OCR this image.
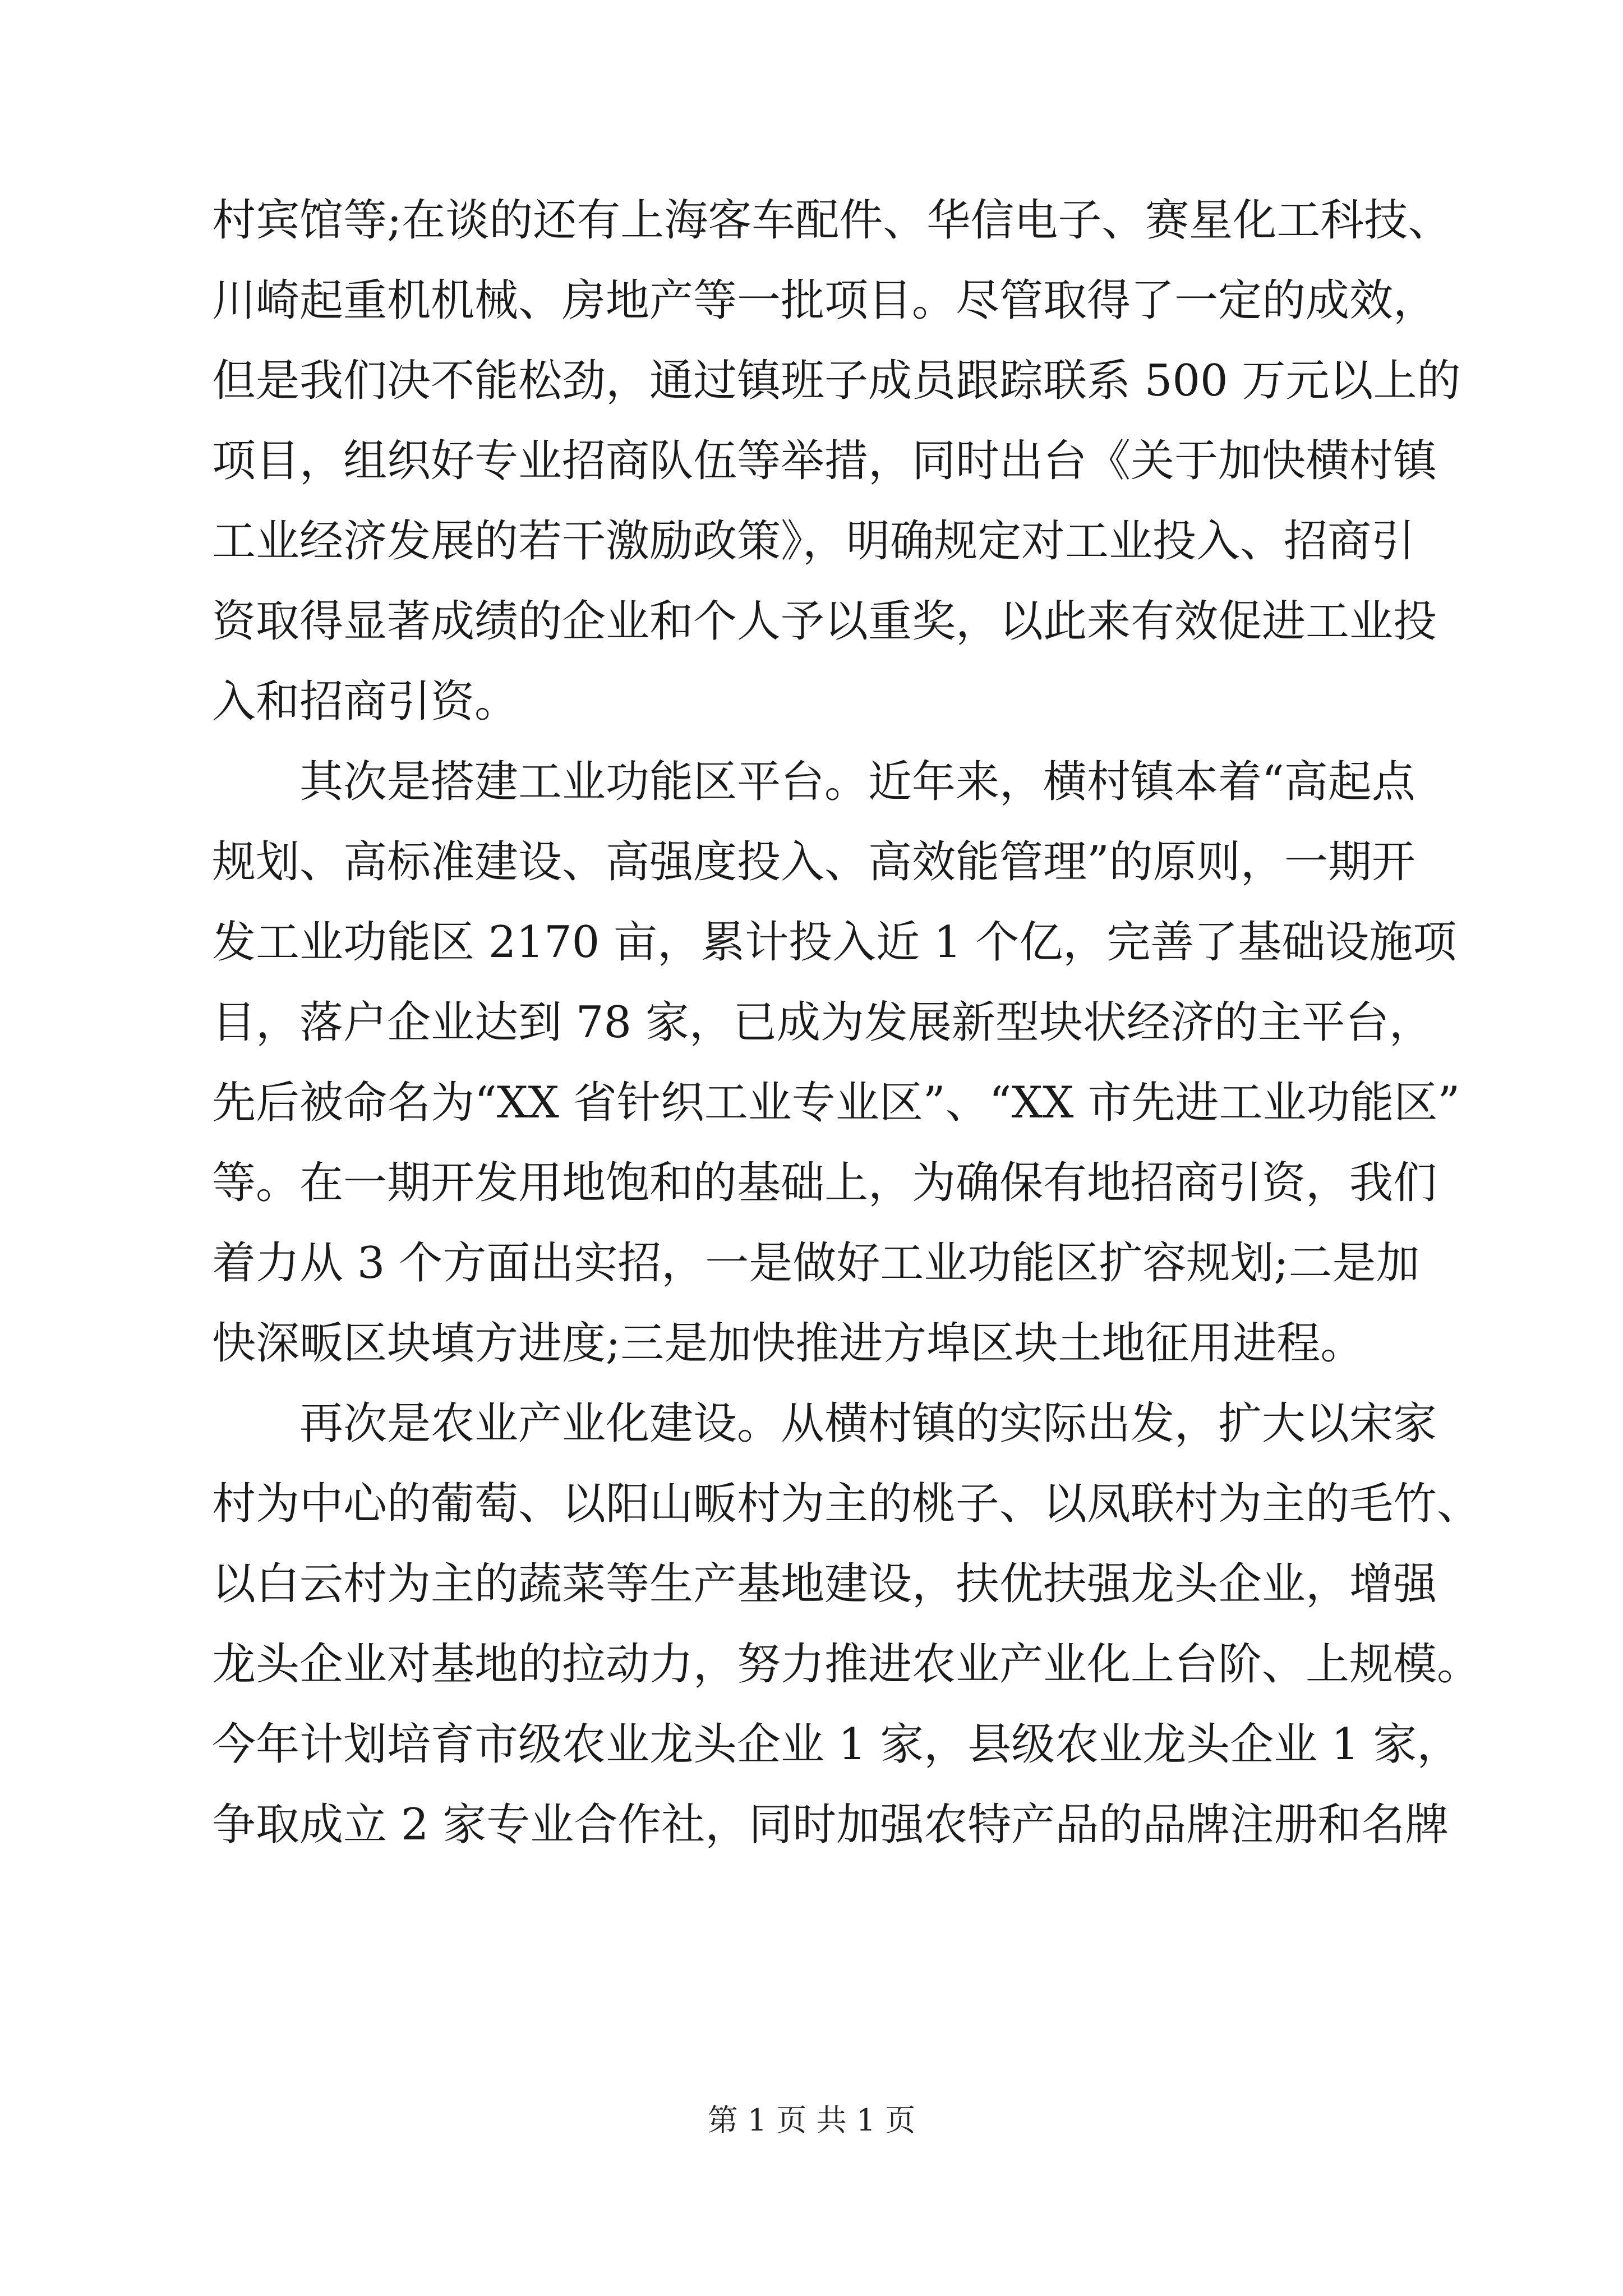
村宾馆等;在谈的还有上海客车配件、华信电子、赛星化工科技、
川崎起重机机械、房地产等一批项目。尽管取得了一定的成效，
但是我们决不能松劲，通过镇班子成员跟踪联系 500 万元以上的
项目，组织好专业招商队伍等举措，同时出台《关于加快横村镇
工业经济发展的若干激励政策》，明确规定对工业投入、招商引
资取得显著成绩的企业和个人予以重奖，以此来有效促进工业投
入和招商引资。
其次是搭建工业功能区平台。近年来，横村镇本着“高起点
规划、高标准建设、高强度投入、高效能管理”的原则，一期开
发工业功能区 2170 亩，累计投入近 1 个亿，完善了基础设施项
目，落户企业达到 78 家，已成为发展新型块状经济的主平台，
先后被命名为“XX 省针织工业专业区”、“XX 市先进工业功能区”
等。在一期开发用地饱和的基础上，为确保有地招商引资，我们
着力从 3 个方面出实招，一是做好工业功能区扩容规划;二是加
快深畈区块填方进度;三是加快推进方埠区块土地征用进程。
再次是农业产业化建设。从横村镇的实际出发，扩大以宋家
村为中心的葡萄、以阳山畈村为主的桃子、以凤联村为主的毛竹、
以白云村为主的蔬菜等生产基地建设，扶优扶强龙头企业，增强
龙头企业对基地的拉动力，努力推进农业产业化上台阶、上规模。
今年计划培育市级农业龙头企业 1 家，县级农业龙头企业 1 家，
争取成立 2 家专业合作社，同时加强农特产品的品牌注册和名牌
第 1 页 共 1 页
